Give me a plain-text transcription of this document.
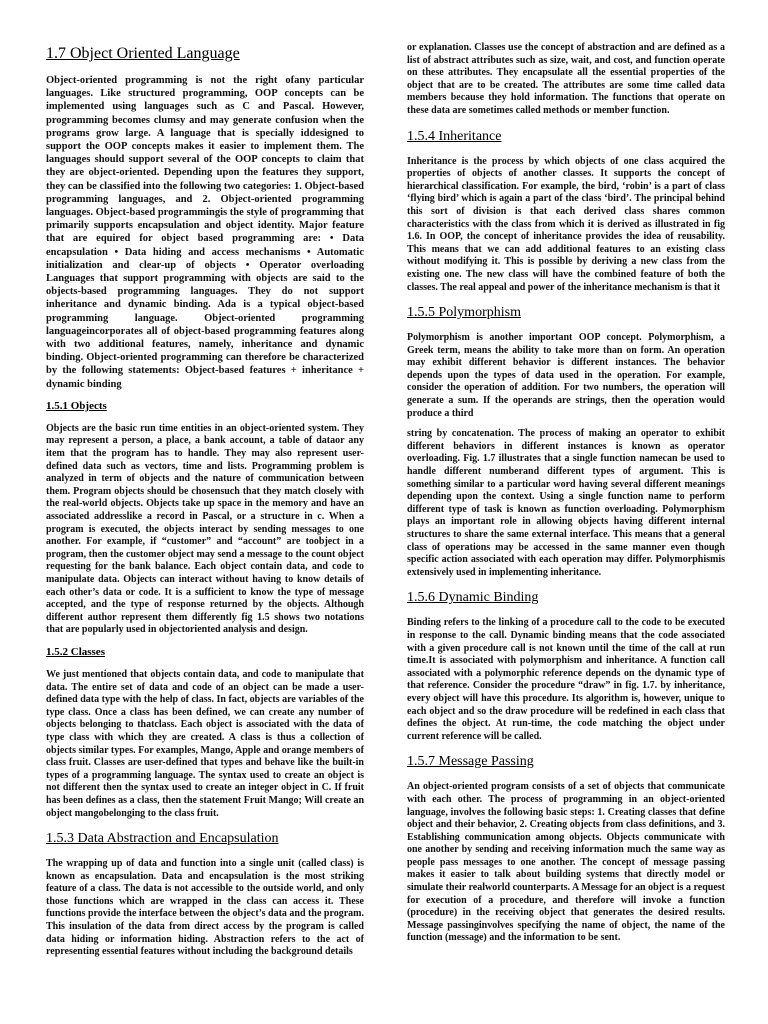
1.7 Object Oriented Language

Object-oriented programming is not the right ofany particular languages. Like structured programming, OOP concepts can be implemented using languages such as C and Pascal. However, programming becomes clumsy and may generate confusion when the programs grow large. A language that is specially iddesigned to support the OOP concepts makes it easier to implement them. The languages should support several of the OOP concepts to claim that they are object-oriented. Depending upon the features they support, they can be classified into the following two categories: 1. Object-based programming languages, and 2. Object-oriented programming languages. Object-based programmingis the style of programming that primarily supports encapsulation and object identity. Major feature that are equired for object based programming are: • Data encapsulation • Data hiding and access mechanisms • Automatic initialization and clear-up of objects • Operator overloading Languages that support programming with objects are said to the objects-based programming languages. They do not support inheritance and dynamic binding. Ada is a typical object-based programming language. Object-oriented programming languageincorporates all of object-based programming features along with two additional features, namely, inheritance and dynamic binding. Object-oriented programming can therefore be characterized by the following statements: Object-based features + inheritance + dynamic binding

1.5.1 Objects

Objects are the basic run time entities in an object-oriented system. They may represent a person, a place, a bank account, a table of dataor any item that the program has to handle. They may also represent user-defined data such as vectors, time and lists. Programming problem is analyzed in term of objects and the nature of communication between them. Program objects should be chosensuch that they match closely with the real-world objects. Objects take up space in the memory and have an associated addresslike a record in Pascal, or a structure in c. When a program is executed, the objects interact by sending messages to one another. For example, if “customer” and “account” are toobject in a program, then the customer object may send a message to the count object requesting for the bank balance. Each object contain data, and code to manipulate data. Objects can interact without having to know details of each other’s data or code. It is a sufficient to know the type of message accepted, and the type of response returned by the objects. Although different author represent them differently fig 1.5 shows two notations that are popularly used in objectoriented analysis and design.

1.5.2 Classes

We just mentioned that objects contain data, and code to manipulate that data. The entire set of data and code of an object can be made a user-defined data type with the help of class. In fact, objects are variables of the type class. Once a class has been defined, we can create any number of objects belonging to thatclass. Each object is associated with the data of type class with which they are created. A class is thus a collection of objects similar types. For examples, Mango, Apple and orange members of class fruit. Classes are user-defined that types and behave like the built-in types of a programming language. The syntax used to create an object is not different then the syntax used to create an integer object in C. If fruit has been defines as a class, then the statement Fruit Mango; Will create an object mangobelonging to the class fruit.

1.5.3 Data Abstraction and Encapsulation

The wrapping up of data and function into a single unit (called class) is known as encapsulation. Data and encapsulation is the most striking feature of a class. The data is not accessible to the outside world, and only those functions which are wrapped in the class can access it. These functions provide the interface between the object’s data and the program. This insulation of the data from direct access by the program is called data hiding or information hiding. Abstraction refers to the act of representing essential features without including the background details

or explanation. Classes use the concept of abstraction and are defined as a list of abstract attributes such as size, wait, and cost, and function operate on these attributes. They encapsulate all the essential properties of the object that are to be created. The attributes are some time called data members because they hold information. The functions that operate on these data are sometimes called methods or member function.

1.5.4 Inheritance

Inheritance is the process by which objects of one class acquired the properties of objects of another classes. It supports the concept of hierarchical classification. For example, the bird, ‘robin’ is a part of class ‘flying bird’ which is again a part of the class ‘bird’. The principal behind this sort of division is that each derived class shares common characteristics with the class from which it is derived as illustrated in fig 1.6. In OOP, the concept of inheritance provides the idea of reusability. This means that we can add additional features to an existing class without modifying it. This is possible by deriving a new class from the existing one. The new class will have the combined feature of both the classes. The real appeal and power of the inheritance mechanism is that it

1.5.5 Polymorphism

Polymorphism is another important OOP concept. Polymorphism, a Greek term, means the ability to take more than on form. An operation may exhibit different behavior is different instances. The behavior depends upon the types of data used in the operation. For example, consider the operation of addition. For two numbers, the operation will generate a sum. If the operands are strings, then the operation would produce a third

string by concatenation. The process of making an operator to exhibit different behaviors in different instances is known as operator overloading. Fig. 1.7 illustrates that a single function namecan be used to handle different numberand different types of argument. This is something similar to a particular word having several different meanings depending upon the context. Using a single function name to perform different type of task is known as function overloading. Polymorphism plays an important role in allowing objects having different internal structures to share the same external interface. This means that a general class of operations may be accessed in the same manner even though specific action associated with each operation may differ. Polymorphismis extensively used in implementing inheritance.

1.5.6 Dynamic Binding

Binding refers to the linking of a procedure call to the code to be executed in response to the call. Dynamic binding means that the code associated with a given procedure call is not known until the time of the call at run time.It is associated with polymorphism and inheritance. A function call associated with a polymorphic reference depends on the dynamic type of that reference. Consider the procedure “draw” in fig. 1.7. by inheritance, every object will have this procedure. Its algorithm is, however, unique to each object and so the draw procedure will be redefined in each class that defines the object. At run-time, the code matching the object under current reference will be called.

1.5.7 Message Passing

An object-oriented program consists of a set of objects that communicate with each other. The process of programming in an object-oriented language, involves the following basic steps: 1. Creating classes that define object and their behavior, 2. Creating objects from class definitions, and 3. Establishing communication among objects. Objects communicate with one another by sending and receiving information much the same way as people pass messages to one another. The concept of message passing makes it easier to talk about building systems that directly model or simulate their realworld counterparts. A Message for an object is a request for execution of a procedure, and therefore will invoke a function (procedure) in the receiving object that generates the desired results. Message passinginvolves specifying the name of object, the name of the function (message) and the information to be sent.
